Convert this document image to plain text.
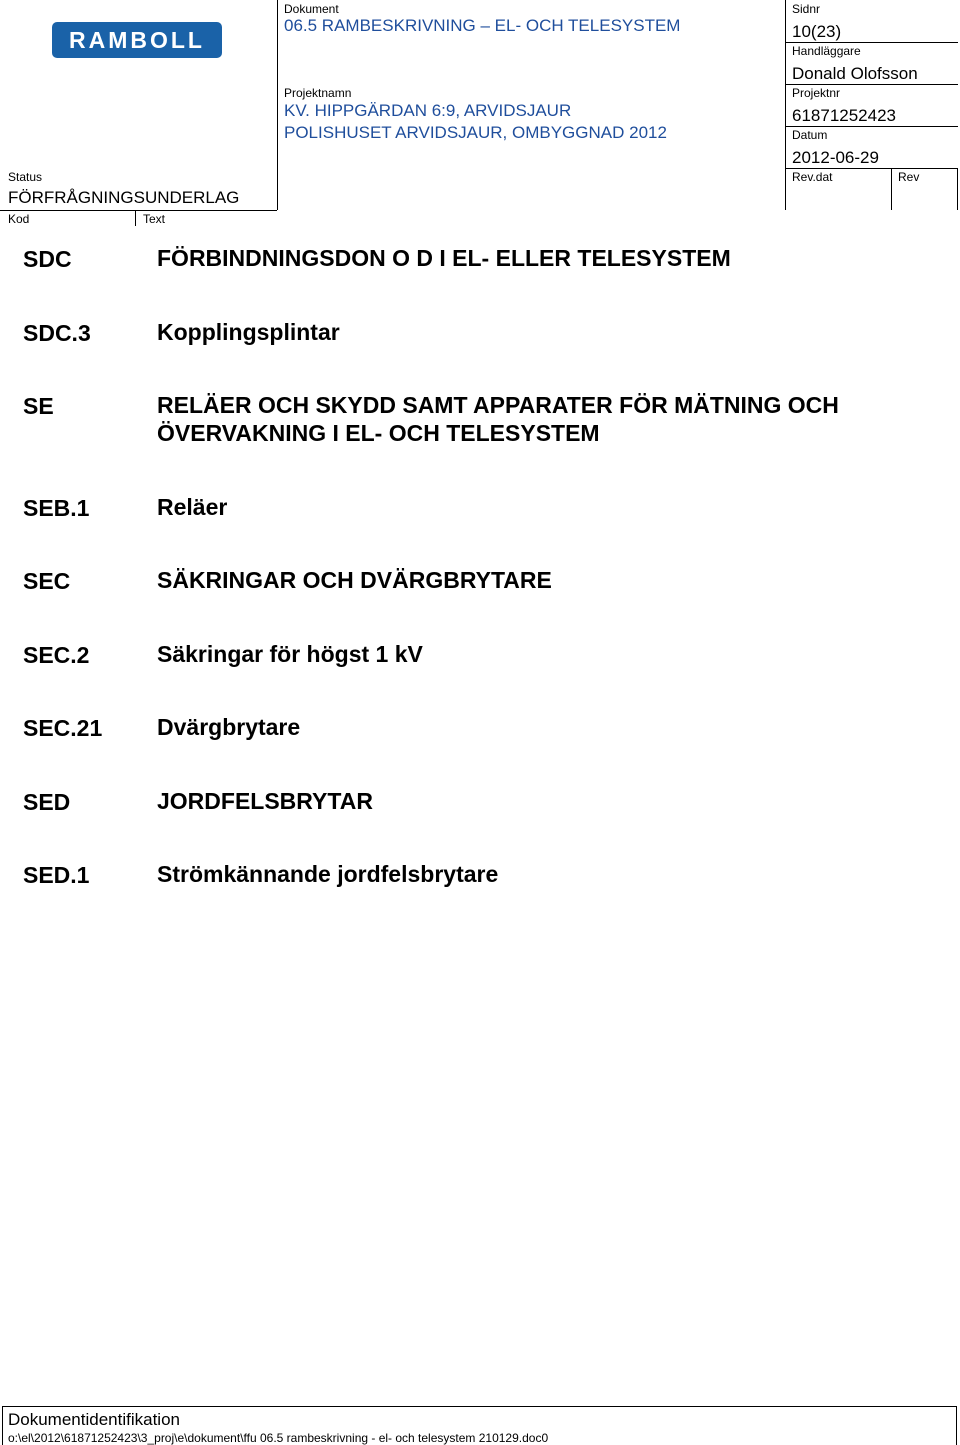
RAMBOLL
Status
FÖRFRÅGNINGSUNDERLAG
Kod	Text
Dokument
06.5 RAMBESKRIVNING – EL- OCH TELESYSTEM
Projektnamn
KV. HIPPGÄRDAN 6:9, ARVIDSJAUR
POLISHUSET ARVIDSJAUR, OMBYGGNAD 2012
Sidnr
10(23)
Handläggare
Donald Olofsson
Projektnr
61871252423
Datum
2012-06-29
Rev.dat	Rev
SDC	FÖRBINDNINGSDON O D I EL- ELLER TELESYSTEM
SDC.3	Kopplingsplintar
SE	RELÄER OCH SKYDD SAMT APPARATER FÖR MÄTNING OCH
ÖVERVAKNING I EL- OCH TELESYSTEM
SEB.1	Reläer
SEC	SÄKRINGAR OCH DVÄRGBRYTARE
SEC.2	Säkringar för högst 1 kV
SEC.21 Dvärgbrytare
SED	JORDFELSBRYTAR
SED.1	Strömkännande jordfelsbrytare
Dokumentidentifikation
o:\el\2012\61871252423\3_proj\e\dokument\ffu 06.5 rambeskrivning - el- och telesystem 210129.doc0
